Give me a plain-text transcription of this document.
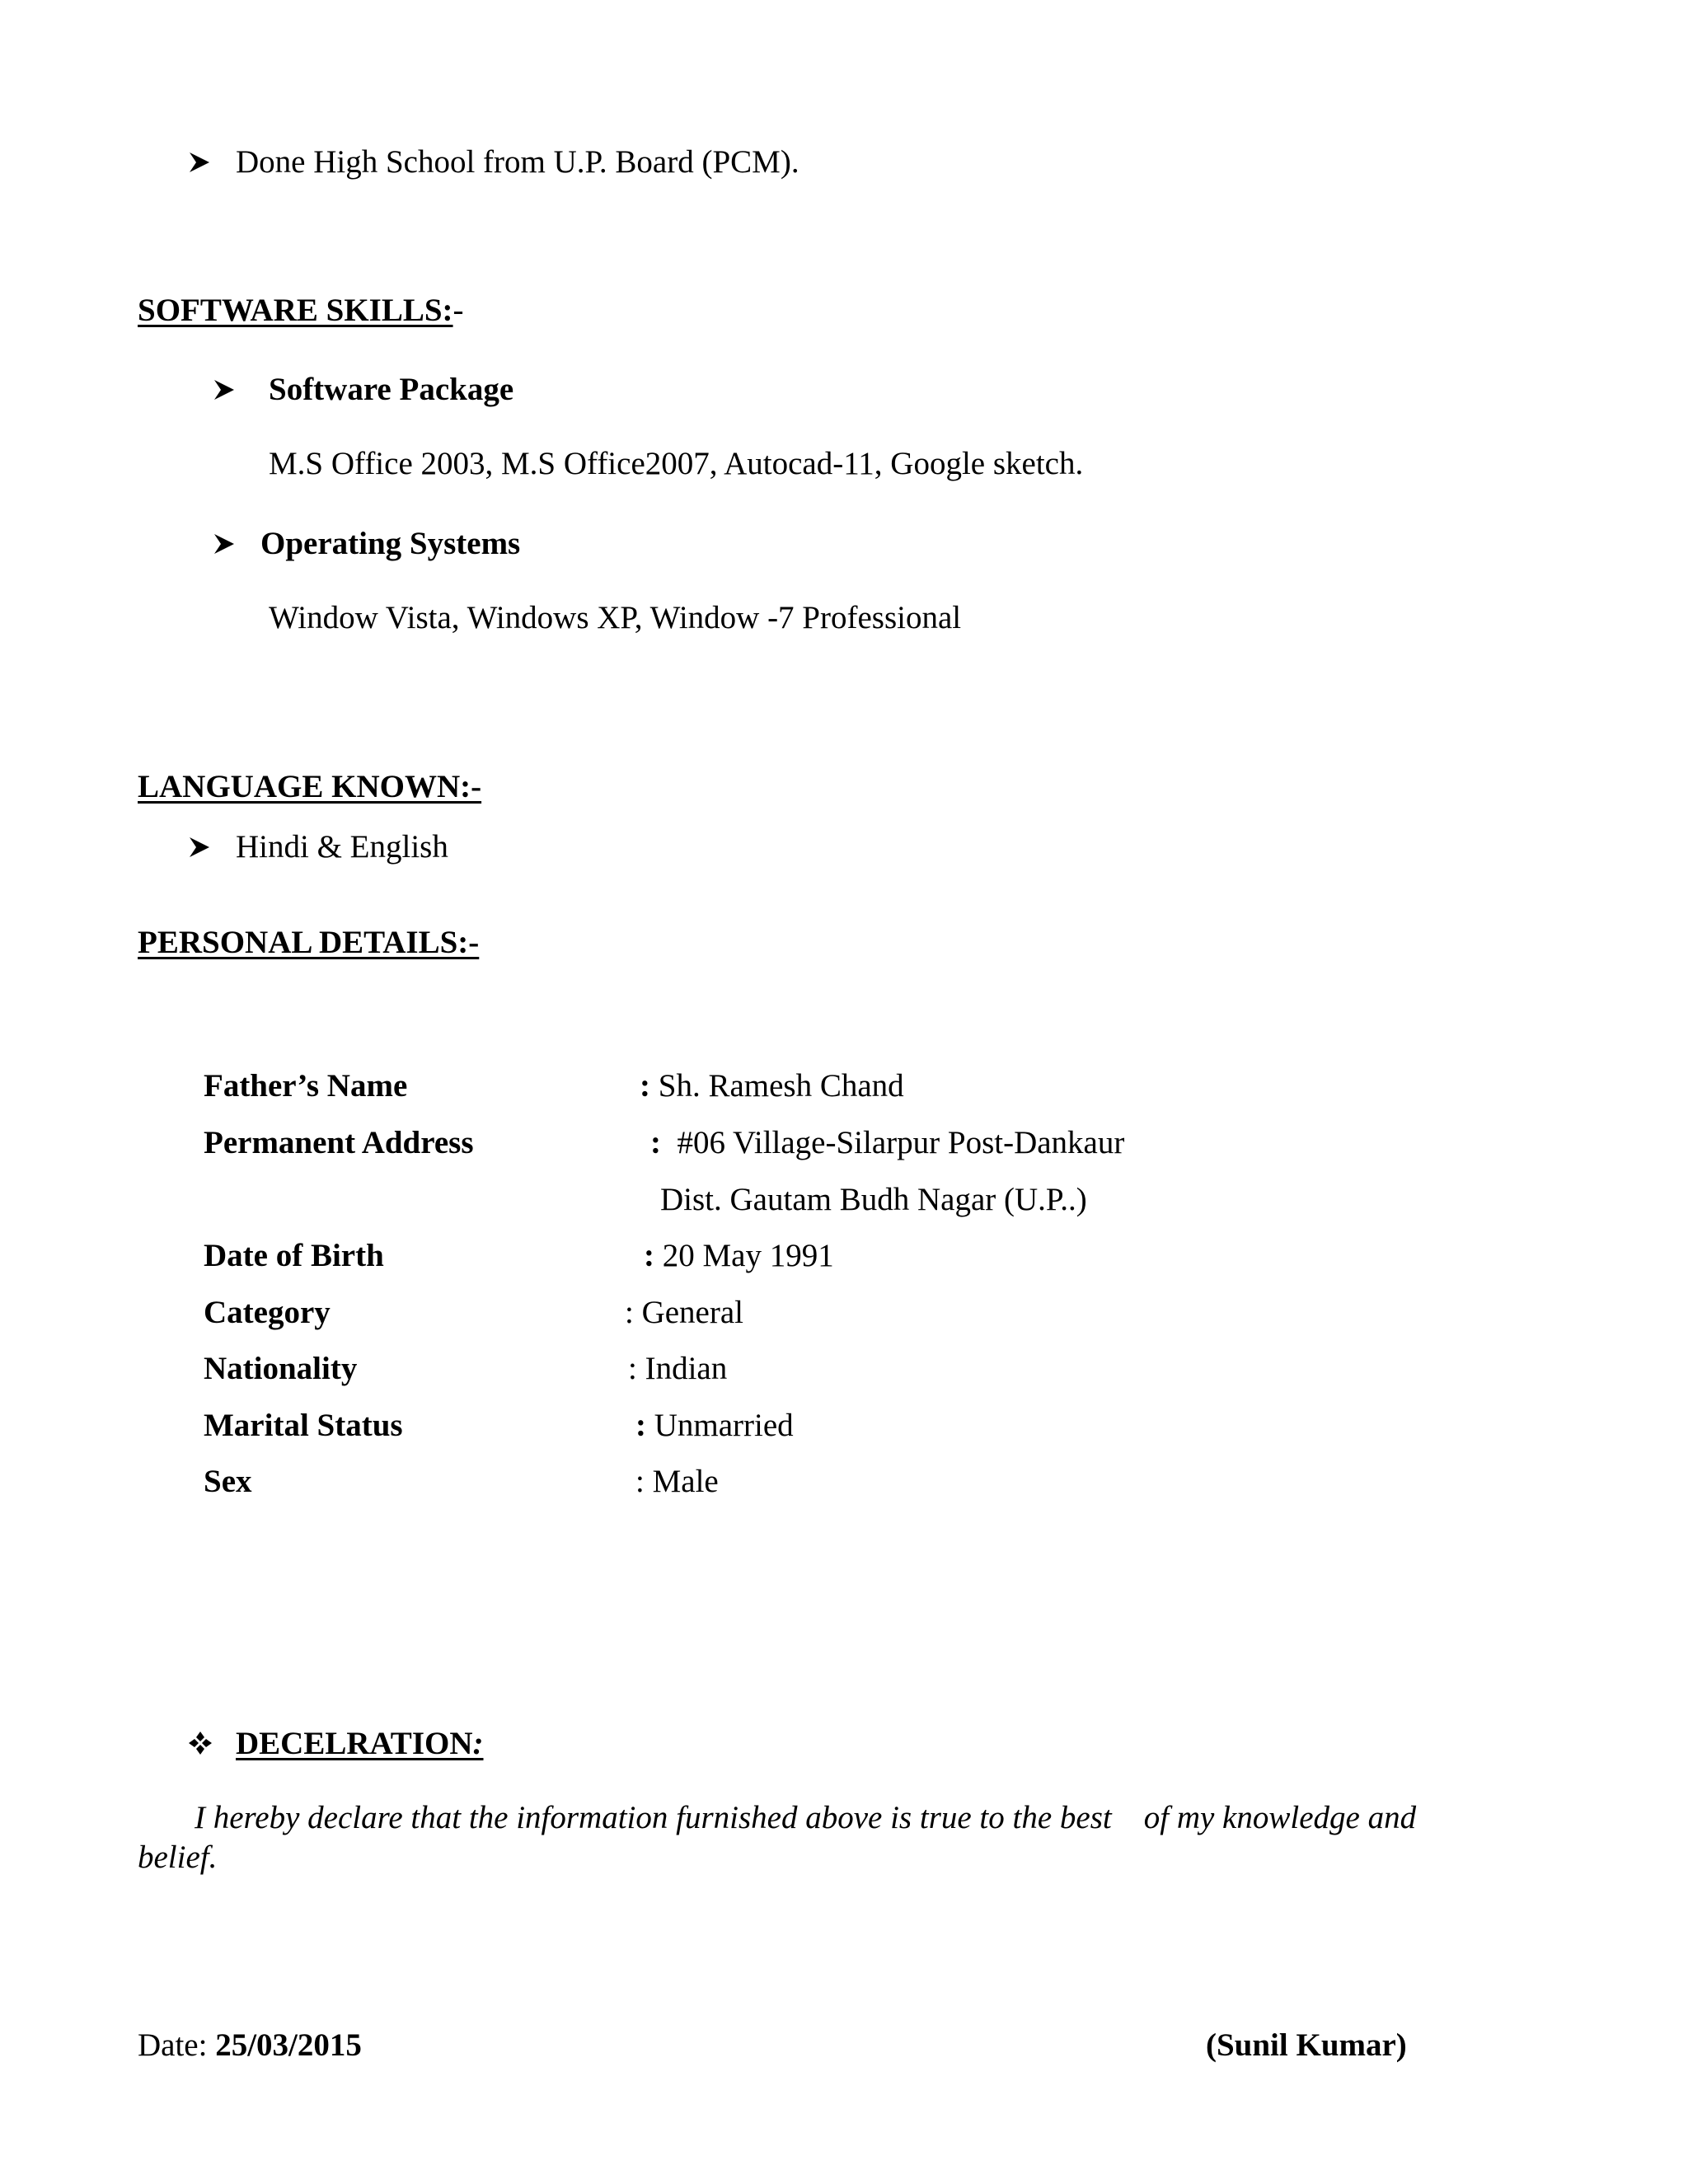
Done High School from U.P. Board (PCM).
SOFTWARE SKILLS:-
Software Package
M.S Office 2003, M.S Office2007, Autocad-11, Google sketch.
Operating Systems
Window Vista, Windows XP, Window -7 Professional
LANGUAGE KNOWN:-
Hindi & English
PERSONAL DETAILS:-
Father’s Name	: Sh. Ramesh Chand
Permanent Address	:  #06 Village-Silarpur Post-Dankaur
Dist. Gautam Budh Nagar (U.P..)
Date of Birth	: 20 May 1991
Category	: General
Nationality	: Indian
Marital Status	: Unmarried
Sex	: Male
DECELRATION:
I hereby declare that the information furnished above is true to the best    of my knowledge and
belief.
Date: 25/03/2015	(Sunil Kumar)
